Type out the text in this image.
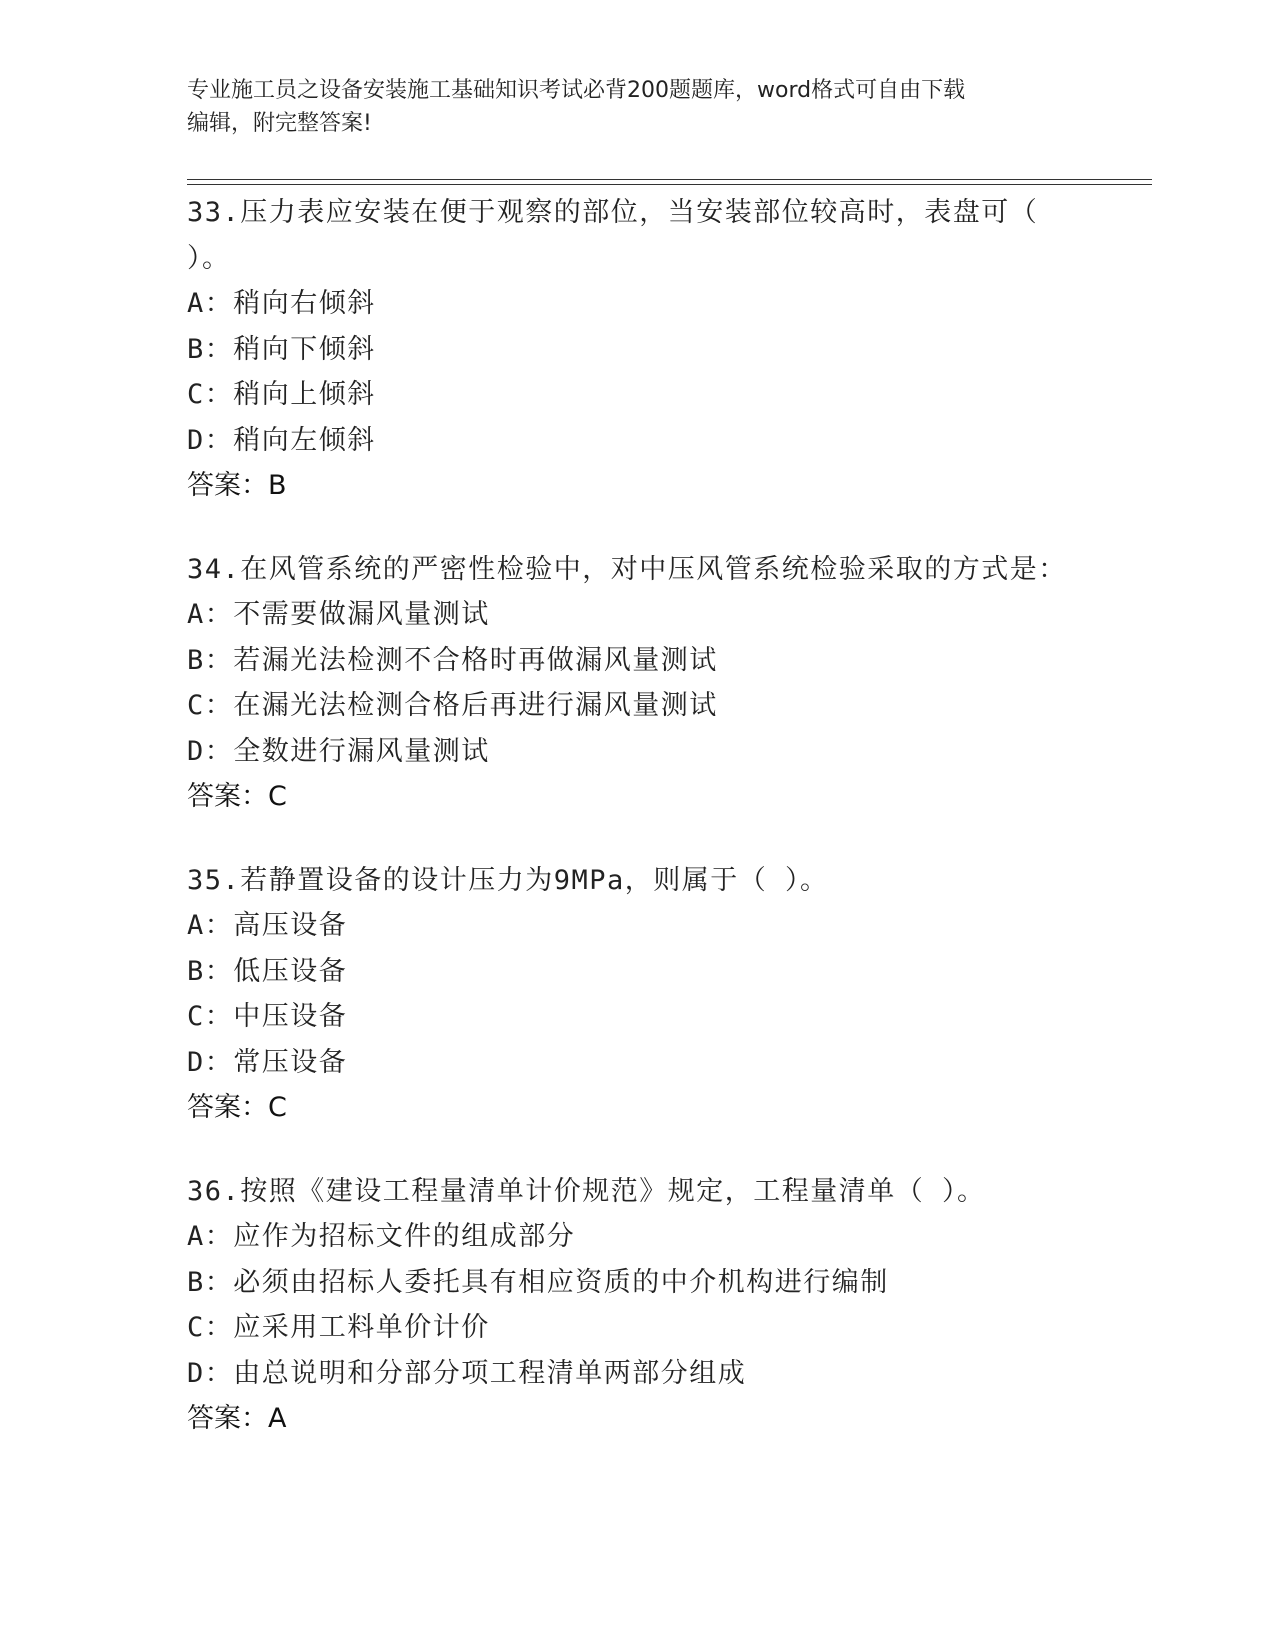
专业施工员之设备安装施工基础知识考试必背200题题库，word格式可自由下载
编辑，附完整答案!
33.压力表应安装在便于观察的部位，当安装部位较高时，表盘可（
）。
A：稍向右倾斜
B：稍向下倾斜
C：稍向上倾斜
D：稍向左倾斜
答案：B
34.在风管系统的严密性检验中，对中压风管系统检验采取的方式是：
A：不需要做漏风量测试
B：若漏光法检测不合格时再做漏风量测试
C：在漏光法检测合格后再进行漏风量测试
D：全数进行漏风量测试
答案：C
35.若静置设备的设计压力为9MPa，则属于（ ）。
A：高压设备
B：低压设备
C：中压设备
D：常压设备
答案：C
36.按照《建设工程量清单计价规范》规定，工程量清单（ ）。
A：应作为招标文件的组成部分
B：必须由招标人委托具有相应资质的中介机构进行编制
C：应采用工料单价计价
D：由总说明和分部分项工程清单两部分组成
答案：A
